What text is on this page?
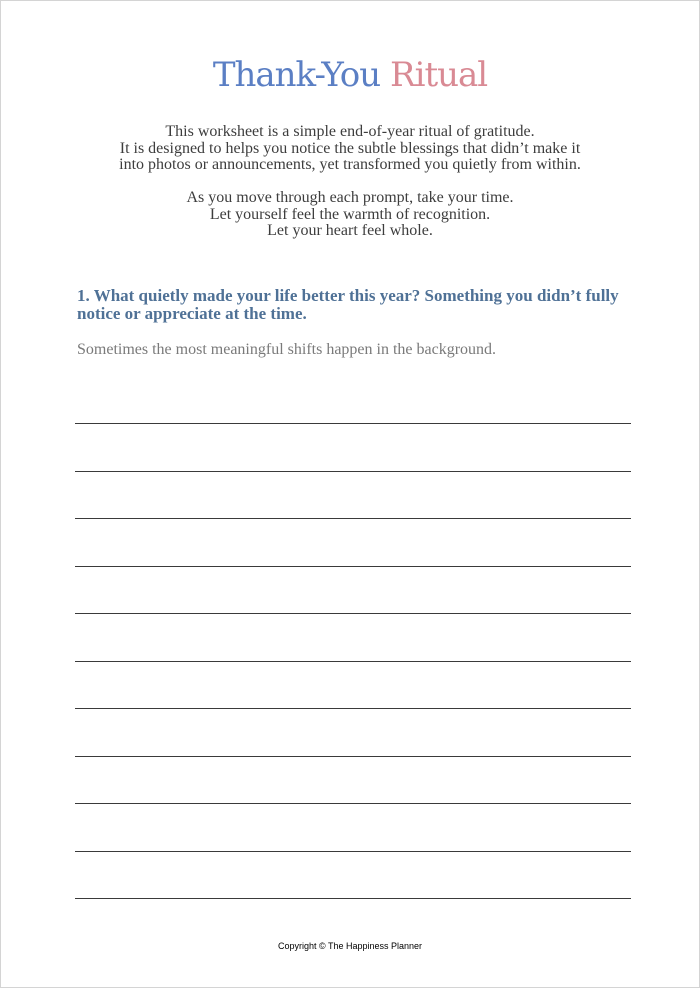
Thank-You Ritual
This worksheet is a simple end-of-year ritual of gratitude.
It is designed to helps you notice the subtle blessings that didn’t make it
into photos or announcements, yet transformed you quietly from within.
As you move through each prompt, take your time.
Let yourself feel the warmth of recognition.
Let your heart feel whole.
1. What quietly made your life better this year? Something you didn’t fully
notice or appreciate at the time.
Sometimes the most meaningful shifts happen in the background.
Copyright © The Happiness Planner
